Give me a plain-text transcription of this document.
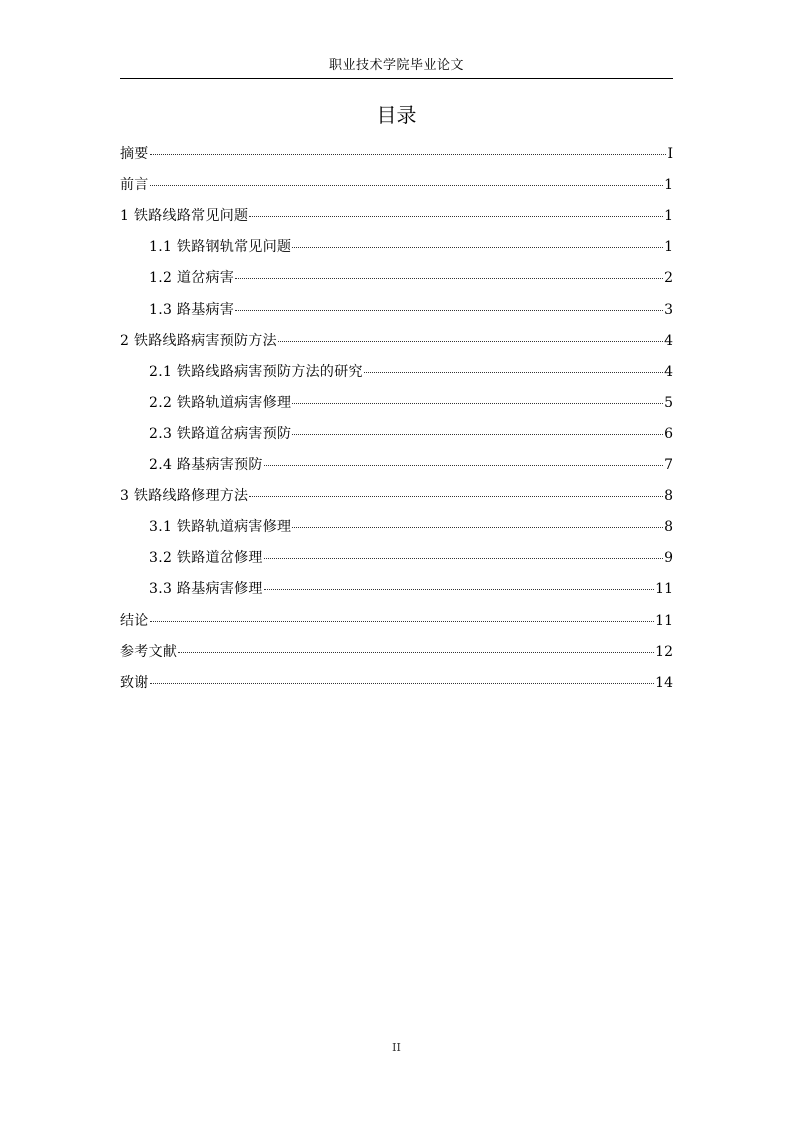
职业技术学院毕业论文
目录
摘要	I
前言	1
1 铁路线路常见问题	1
1.1 铁路钢轨常见问题	1
1.2 道岔病害	2
1.3 路基病害	3
2 铁路线路病害预防方法	4
2.1 铁路线路病害预防方法的研究	4
2.2 铁路轨道病害修理	5
2.3 铁路道岔病害预防	6
2.4 路基病害预防	7
3 铁路线路修理方法	8
3.1 铁路轨道病害修理	8
3.2 铁路道岔修理	9
3.3 路基病害修理	11
结论	11
参考文献	12
致谢	14
II
